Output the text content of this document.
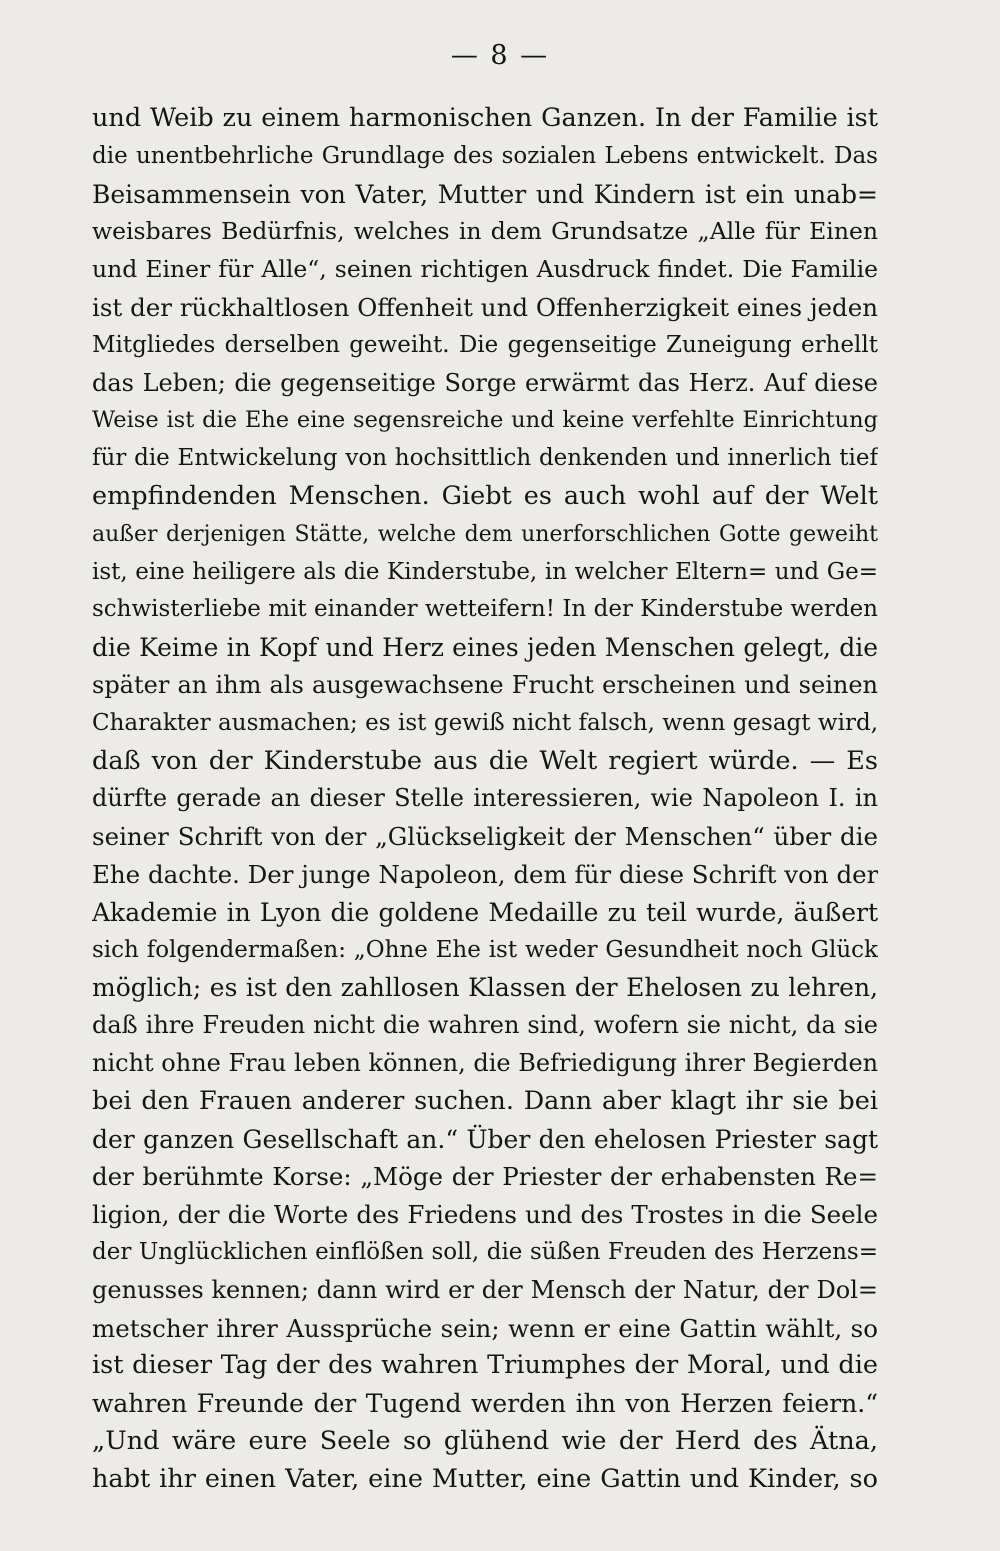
— 8 —
und Weib zu einem harmonischen Ganzen. In der Familie ist
die unentbehrliche Grundlage des sozialen Lebens entwickelt. Das
Beisammensein von Vater, Mutter und Kindern ist ein unab=
weisbares Bedürfnis, welches in dem Grundsatze „Alle für Einen
und Einer für Alle“, seinen richtigen Ausdruck findet. Die Familie
ist der rückhaltlosen Offenheit und Offenherzigkeit eines jeden
Mitgliedes derselben geweiht. Die gegenseitige Zuneigung erhellt
das Leben; die gegenseitige Sorge erwärmt das Herz. Auf diese
Weise ist die Ehe eine segensreiche und keine verfehlte Einrichtung
für die Entwickelung von hochsittlich denkenden und innerlich tief
empfindenden Menschen. Giebt es auch wohl auf der Welt
außer derjenigen Stätte, welche dem unerforschlichen Gotte geweiht
ist, eine heiligere als die Kinderstube, in welcher Eltern= und Ge=
schwisterliebe mit einander wetteifern! In der Kinderstube werden
die Keime in Kopf und Herz eines jeden Menschen gelegt, die
später an ihm als ausgewachsene Frucht erscheinen und seinen
Charakter ausmachen; es ist gewiß nicht falsch, wenn gesagt wird,
daß von der Kinderstube aus die Welt regiert würde. — Es
dürfte gerade an dieser Stelle interessieren, wie Napoleon I. in
seiner Schrift von der „Glückseligkeit der Menschen“ über die
Ehe dachte. Der junge Napoleon, dem für diese Schrift von der
Akademie in Lyon die goldene Medaille zu teil wurde, äußert
sich folgendermaßen: „Ohne Ehe ist weder Gesundheit noch Glück
möglich; es ist den zahllosen Klassen der Ehelosen zu lehren,
daß ihre Freuden nicht die wahren sind, wofern sie nicht, da sie
nicht ohne Frau leben können, die Befriedigung ihrer Begierden
bei den Frauen anderer suchen. Dann aber klagt ihr sie bei
der ganzen Gesellschaft an.“ Über den ehelosen Priester sagt
der berühmte Korse: „Möge der Priester der erhabensten Re=
ligion, der die Worte des Friedens und des Trostes in die Seele
der Unglücklichen einflößen soll, die süßen Freuden des Herzens=
genusses kennen; dann wird er der Mensch der Natur, der Dol=
metscher ihrer Aussprüche sein; wenn er eine Gattin wählt, so
ist dieser Tag der des wahren Triumphes der Moral, und die
wahren Freunde der Tugend werden ihn von Herzen feiern.“
„Und wäre eure Seele so glühend wie der Herd des Ätna,
habt ihr einen Vater, eine Mutter, eine Gattin und Kinder, so
